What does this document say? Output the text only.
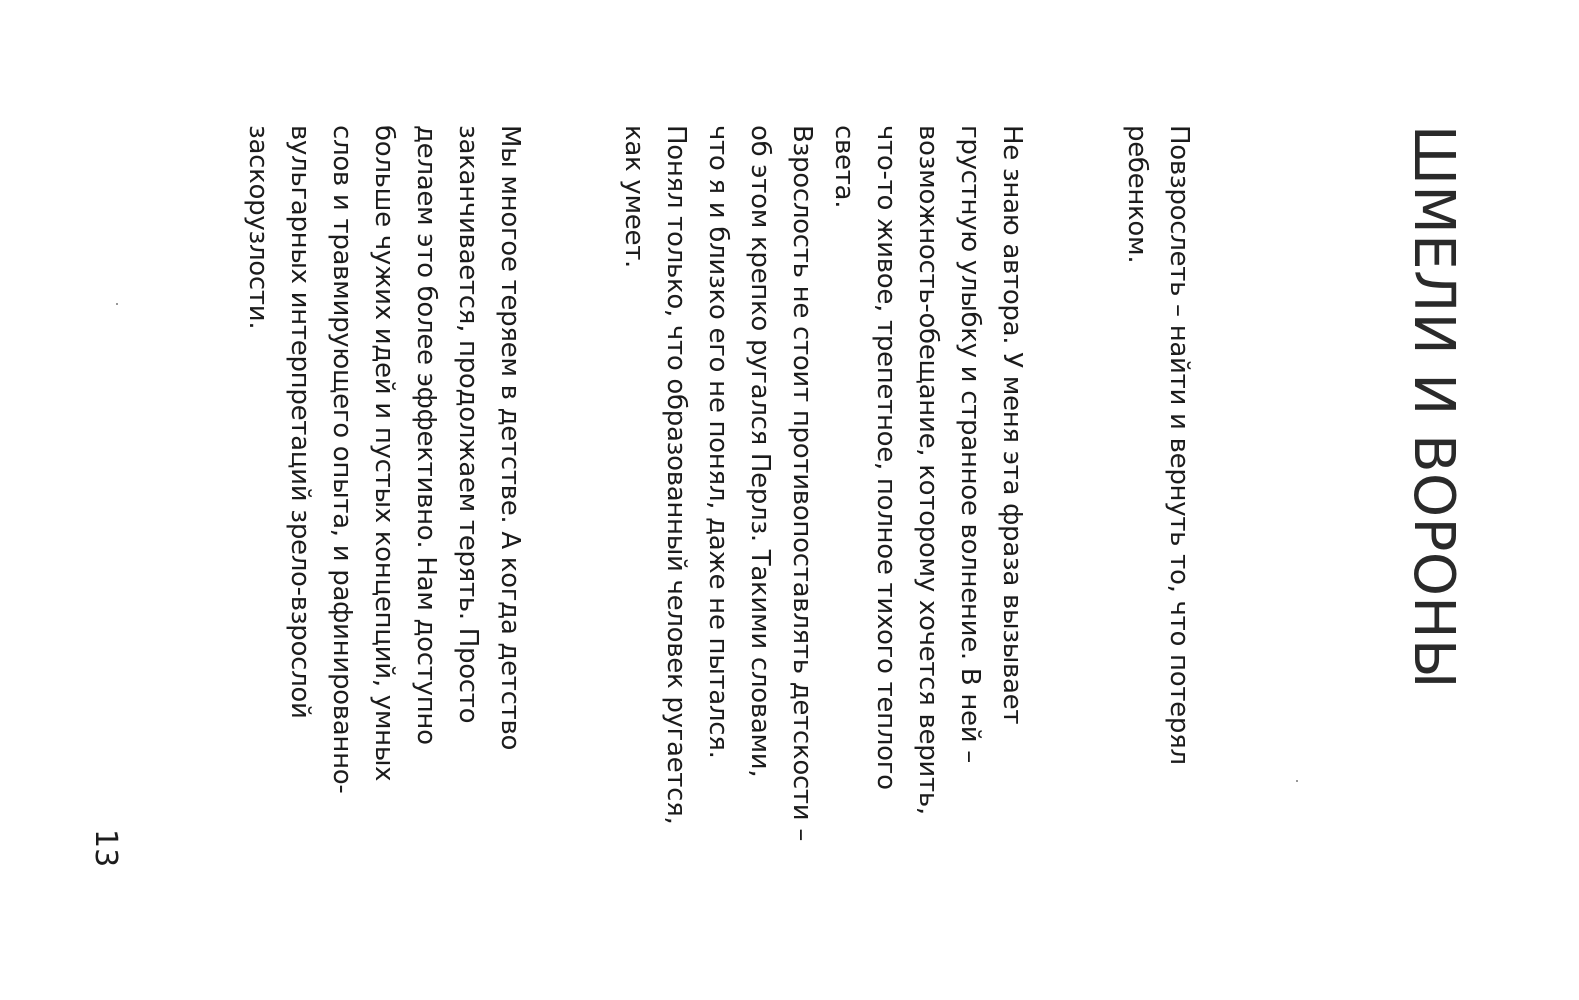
ШМЕЛИ И ВОРОНЫ

Повзрослеть – найти и вернуть то, что потерял
ребенком.

Не знаю автора. У меня эта фраза вызывает
грустную улыбку и странное волнение. В ней –
возможность-обещание, которому хочется верить,
что-то живое, трепетное, полное тихого теплого
света.

Взрослость не стоит противопоставлять детскости –
об этом крепко ругался Перлз. Такими словами,
что я и близко его не понял, даже не пытался.
Понял только, что образованный человек ругается,
как умеет.

Мы многое теряем в детстве. А когда детство
заканчивается, продолжаем терять. Просто
делаем это более эффективно. Нам доступно
больше чужих идей и пустых концепций, умных
слов и травмирующего опыта, и рафинированно-
вульгарных интерпретаций зрело-взрослой
заскорузлости.

13
